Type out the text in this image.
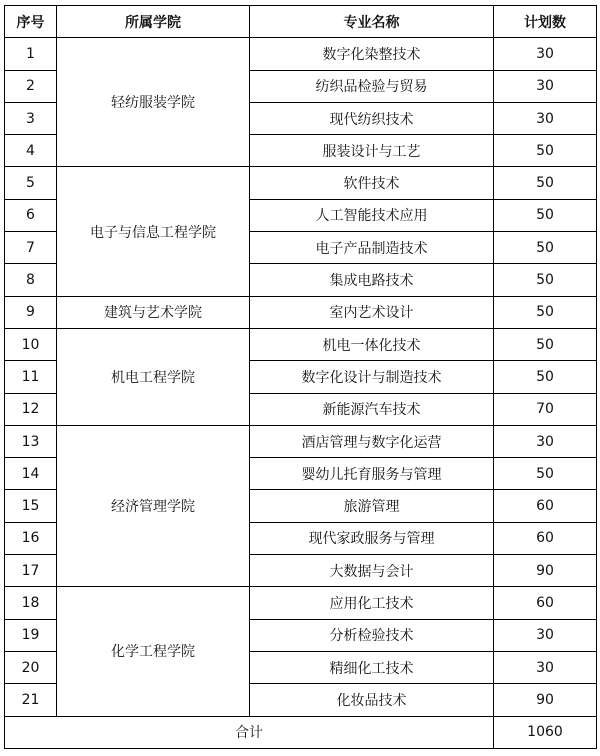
序号	所属学院	专业名称	计划数
1	轻纺服装学院	数字化染整技术	30
2		纺织品检验与贸易	30
3		现代纺织技术	30
4		服装设计与工艺	50
5	电子与信息工程学院	软件技术	50
6		人工智能技术应用	50
7		电子产品制造技术	50
8		集成电路技术	50
9	建筑与艺术学院	室内艺术设计	50
10	机电工程学院	机电一体化技术	50
11		数字化设计与制造技术	50
12		新能源汽车技术	70
13	经济管理学院	酒店管理与数字化运营	30
14		婴幼儿托育服务与管理	50
15		旅游管理	60
16		现代家政服务与管理	60
17		大数据与会计	90
18	化学工程学院	应用化工技术	60
19		分析检验技术	30
20		精细化工技术	30
21		化妆品技术	90
合计			1060
